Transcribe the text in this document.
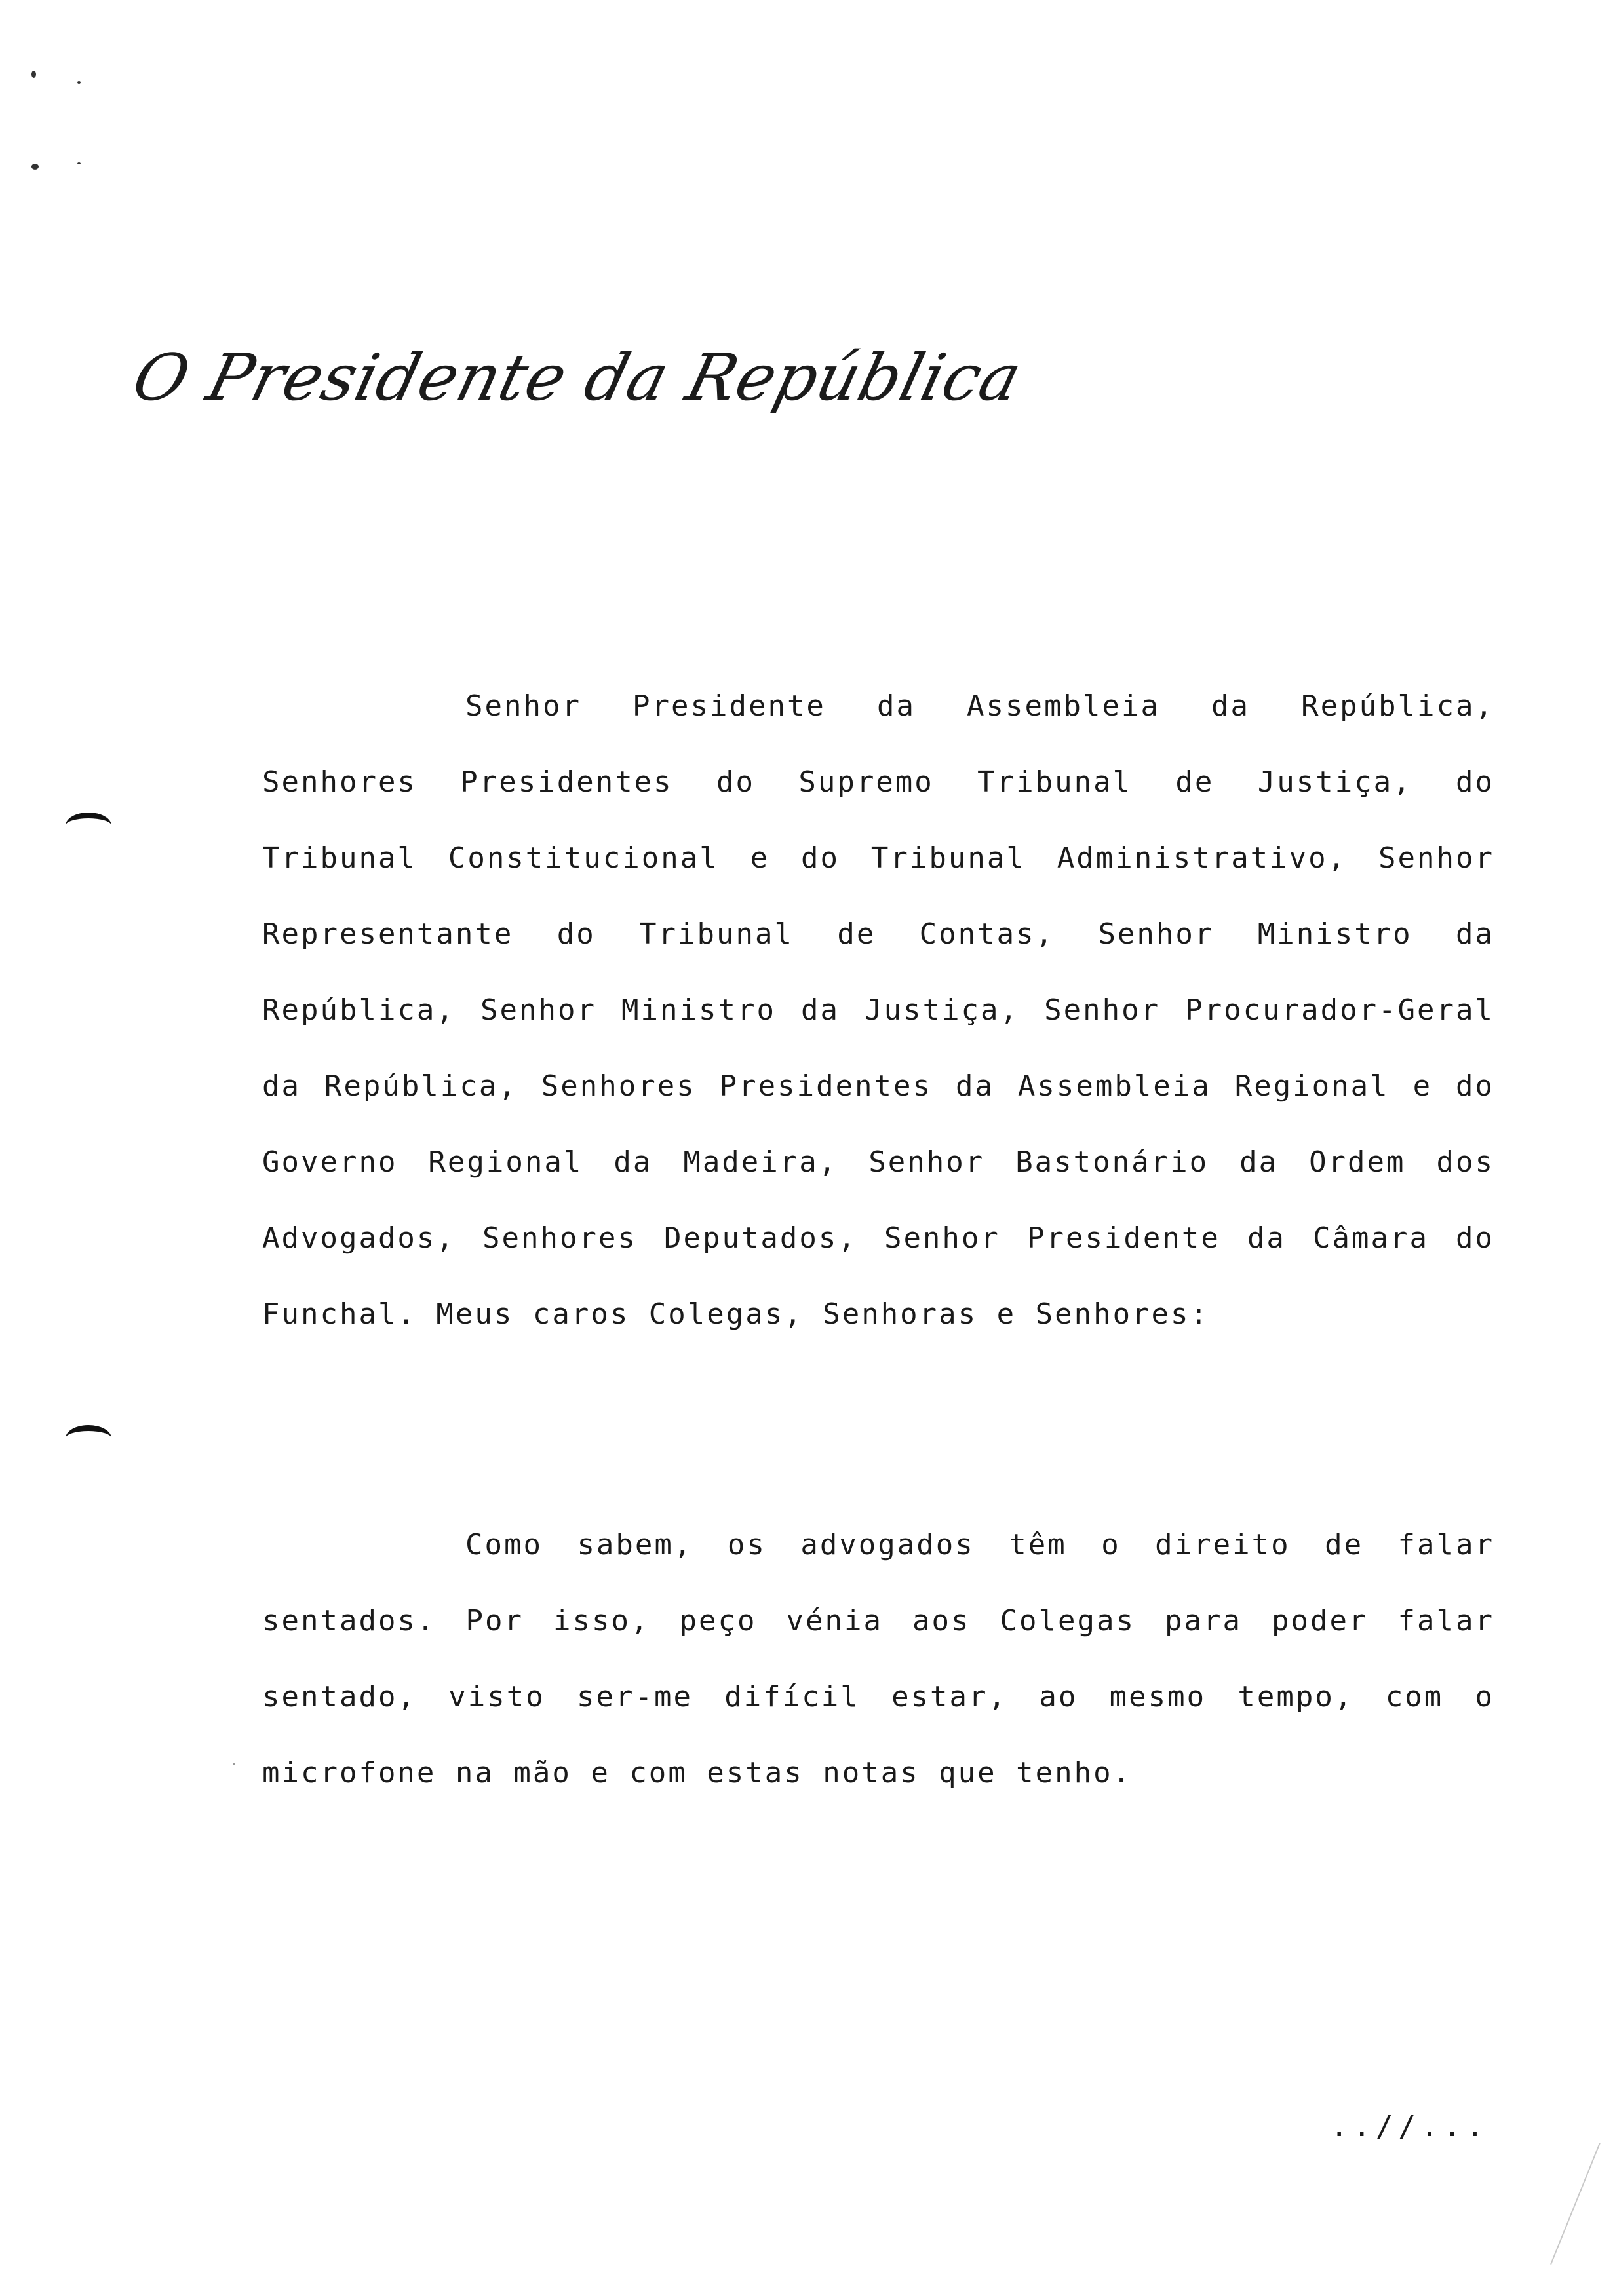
O Presidente da República

Senhor Presidente da Assembleia da República, Senhores Presidentes do Supremo Tribunal de Justiça, do Tribunal Constitucional e do Tribunal Administrativo, Senhor Representante do Tribunal de Contas, Senhor Ministro da República, Senhor Ministro da Justiça, Senhor Procurador-Geral da República, Senhores Presidentes da Assembleia Regional e do Governo Regional da Madeira, Senhor Bastonário da Ordem dos Advogados, Senhores Deputados, Senhor Presidente da Câmara do Funchal. Meus caros Colegas, Senhoras e Senhores:

Como sabem, os advogados têm o direito de falar sentados. Por isso, peço vénia aos Colegas para poder falar sentado, visto ser-me difícil estar, ao mesmo tempo, com o microfone na mão e com estas notas que tenho.

..//...
